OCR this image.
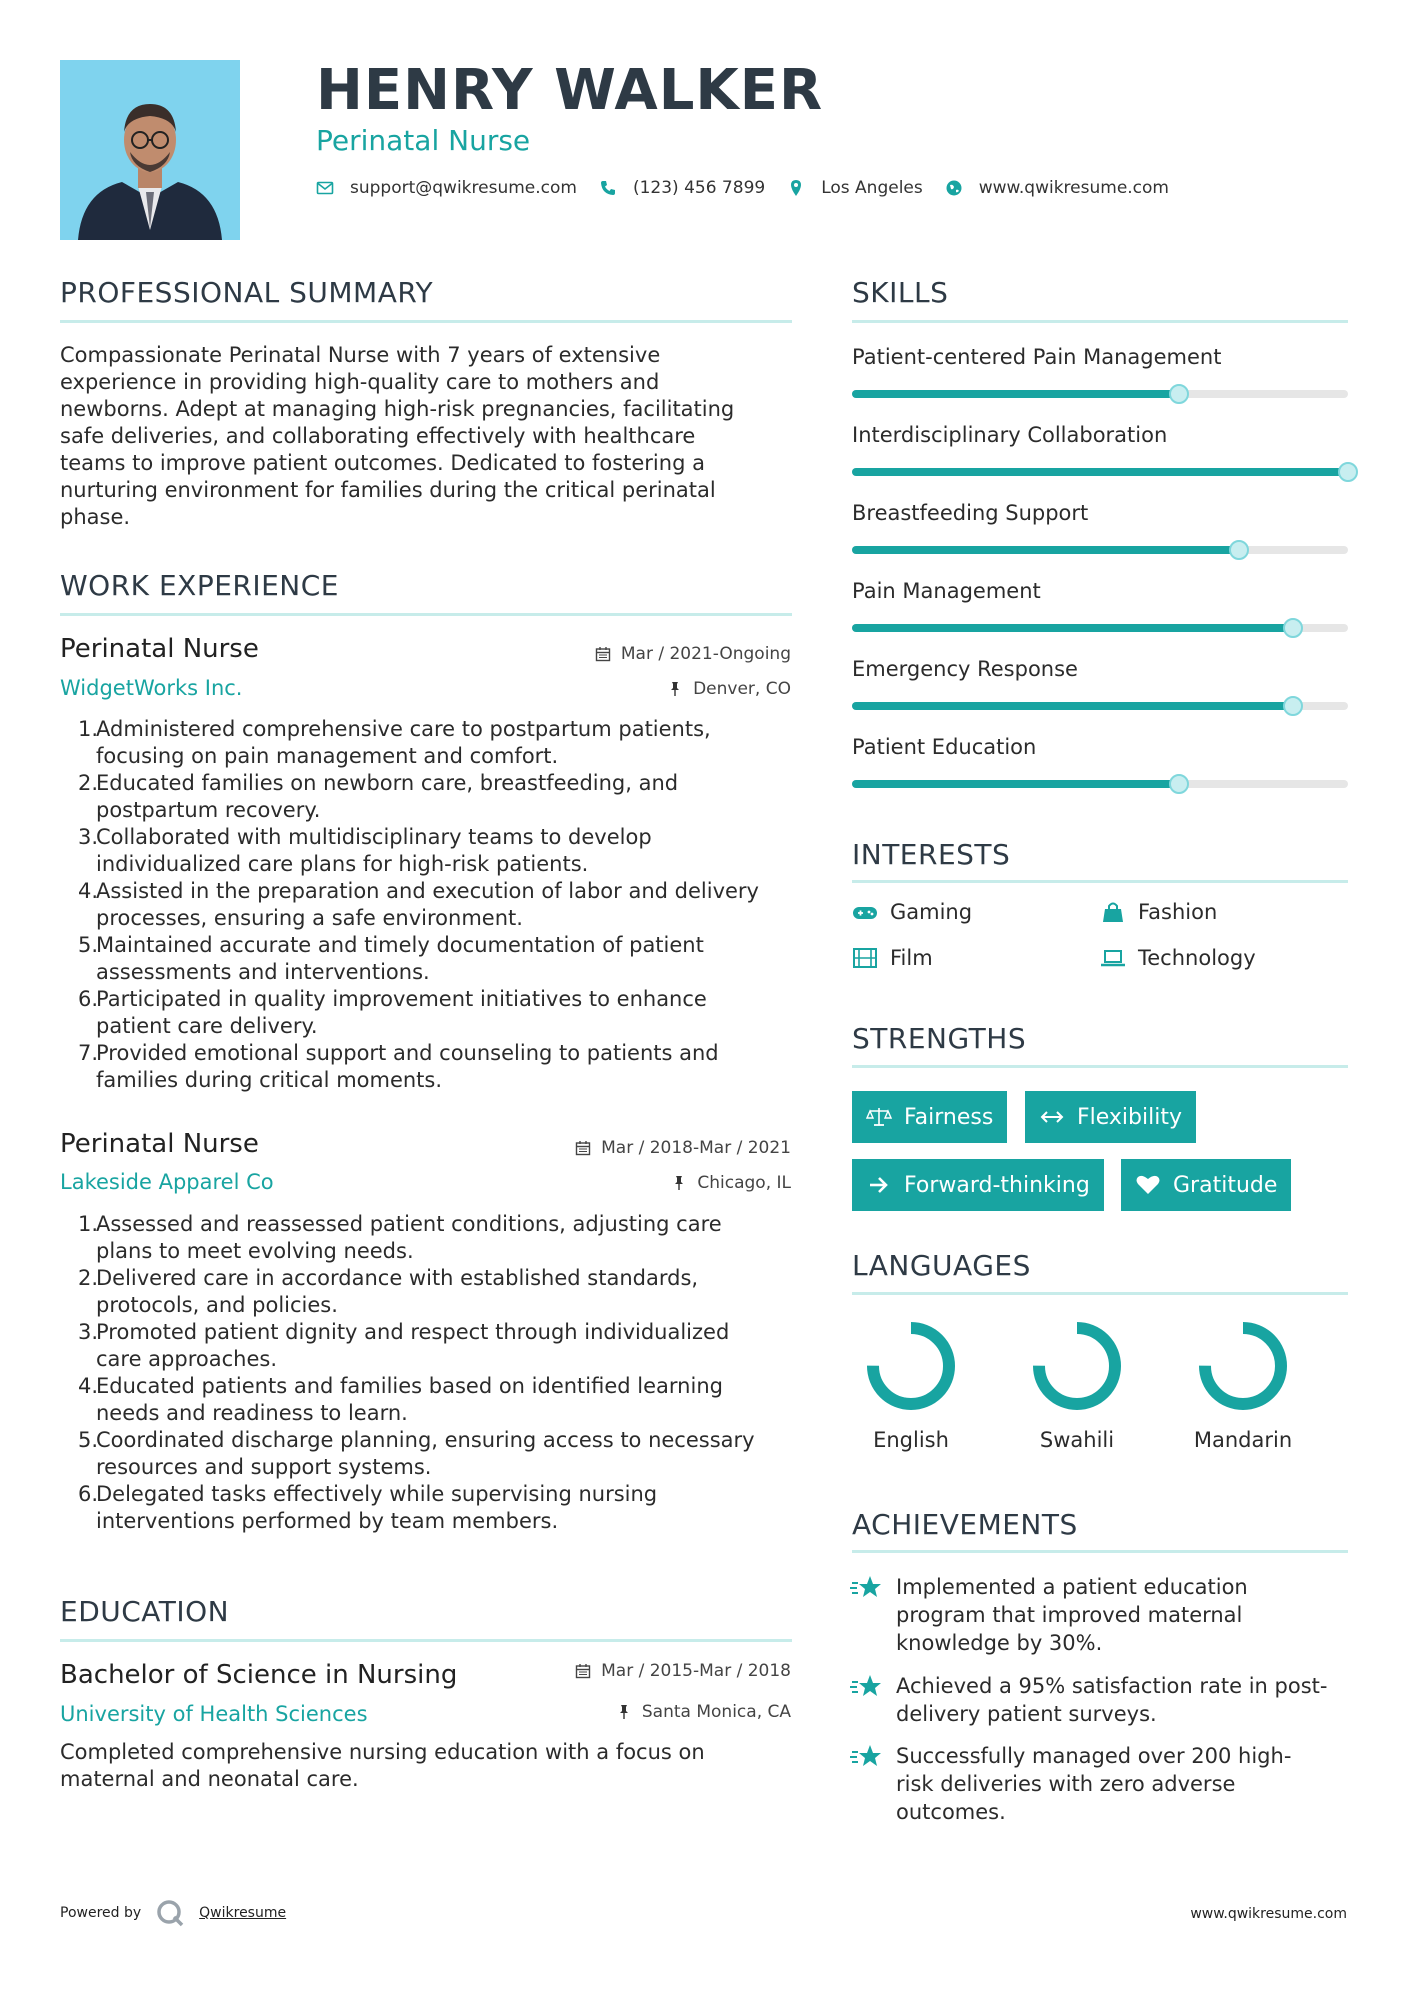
HENRY WALKER
Perinatal Nurse
support@qwikresume.com	(123) 456 7899	Los Angeles	www.qwikresume.com
PROFESSIONAL SUMMARY
Compassionate Perinatal Nurse with 7 years of extensive
experience in providing high-quality care to mothers and
newborns. Adept at managing high-risk pregnancies, facilitating
safe deliveries, and collaborating effectively with healthcare
teams to improve patient outcomes. Dedicated to fostering a
nurturing environment for families during the critical perinatal
phase.
WORK EXPERIENCE
Perinatal Nurse
WidgetWorks Inc.
Mar / 2021-Ongoing
Denver, CO
Administered comprehensive care to postpartum patients,
focusing on pain management and comfort.
Educated families on newborn care, breastfeeding, and
postpartum recovery.
Collaborated with multidisciplinary teams to develop
individualized care plans for high-risk patients.
Assisted in the preparation and execution of labor and delivery
processes, ensuring a safe environment.
Maintained accurate and timely documentation of patient
assessments and interventions.
Participated in quality improvement initiatives to enhance
patient care delivery.
Provided emotional support and counseling to patients and
families during critical moments.
Perinatal Nurse
Lakeside Apparel Co
Mar / 2018-Mar / 2021
Chicago, IL
Assessed and reassessed patient conditions, adjusting care
plans to meet evolving needs.
Delivered care in accordance with established standards,
protocols, and policies.
Promoted patient dignity and respect through individualized
care approaches.
Educated patients and families based on identified learning
needs and readiness to learn.
Coordinated discharge planning, ensuring access to necessary
resources and support systems.
Delegated tasks effectively while supervising nursing
interventions performed by team members.
EDUCATION
Bachelor of Science in Nursing
University of Health Sciences
Mar / 2015-Mar / 2018
Santa Monica, CA
Completed comprehensive nursing education with a focus on
maternal and neonatal care.
SKILLS
Patient-centered Pain Management
Interdisciplinary Collaboration
Breastfeeding Support
Pain Management
Emergency Response
Patient Education
INTERESTS
Gaming	Fashion
Film	Technology
STRENGTHS
Fairness	Flexibility
Forward-thinking	Gratitude
LANGUAGES
English	Swahili	Mandarin
ACHIEVEMENTS
Implemented a patient education
program that improved maternal
knowledge by 30%.
Achieved a 95% satisfaction rate in post-
delivery patient surveys.
Successfully managed over 200 high-
risk deliveries with zero adverse
outcomes.
Powered by	Qwikresume	www.qwikresume.com
